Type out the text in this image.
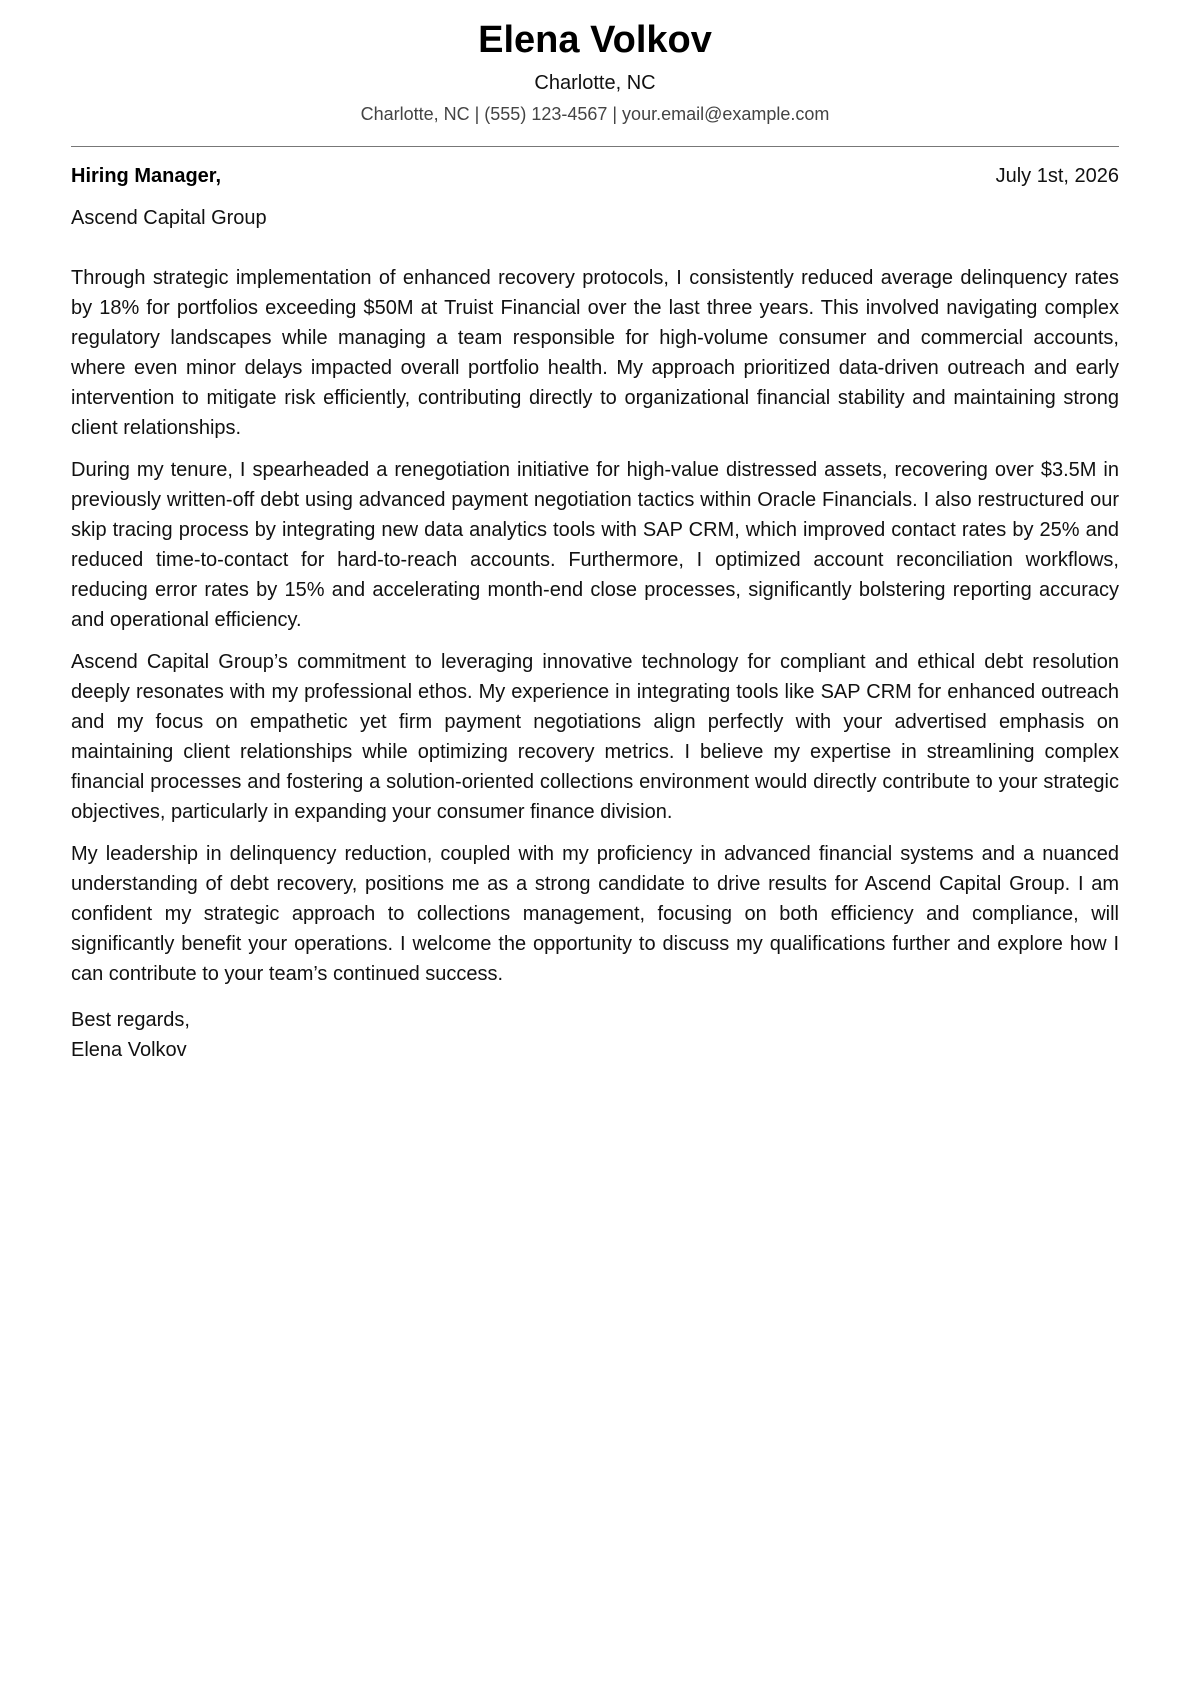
Elena Volkov
Charlotte, NC
Charlotte, NC | (555) 123-4567 | your.email@example.com
Hiring Manager,	July 1st, 2026
Ascend Capital Group

Through strategic implementation of enhanced recovery protocols, I consistently reduced average delinquency rates by 18% for portfolios exceeding $50M at Truist Financial over the last three years. This involved navigating complex regulatory landscapes while managing a team responsible for high-volume consumer and commercial accounts, where even minor delays impacted overall portfolio health. My approach prioritized data-driven outreach and early intervention to mitigate risk efficiently, contributing directly to organizational financial stability and maintaining strong client relationships.

During my tenure, I spearheaded a renegotiation initiative for high-value distressed assets, recovering over $3.5M in previously written-off debt using advanced payment negotiation tactics within Oracle Financials. I also restructured our skip tracing process by integrating new data analytics tools with SAP CRM, which improved contact rates by 25% and reduced time-to-contact for hard-to-reach accounts. Furthermore, I optimized account reconciliation workflows, reducing error rates by 15% and accelerating month-end close processes, significantly bolstering reporting accuracy and operational efficiency.

Ascend Capital Group’s commitment to leveraging innovative technology for compliant and ethical debt resolution deeply resonates with my professional ethos. My experience in integrating tools like SAP CRM for enhanced outreach and my focus on empathetic yet firm payment negotiations align perfectly with your advertised emphasis on maintaining client relationships while optimizing recovery metrics. I believe my expertise in streamlining complex financial processes and fostering a solution-oriented collections environment would directly contribute to your strategic objectives, particularly in expanding your consumer finance division.

My leadership in delinquency reduction, coupled with my proficiency in advanced financial systems and a nuanced understanding of debt recovery, positions me as a strong candidate to drive results for Ascend Capital Group. I am confident my strategic approach to collections management, focusing on both efficiency and compliance, will significantly benefit your operations. I welcome the opportunity to discuss my qualifications further and explore how I can contribute to your team’s continued success.

Best regards,
Elena Volkov
